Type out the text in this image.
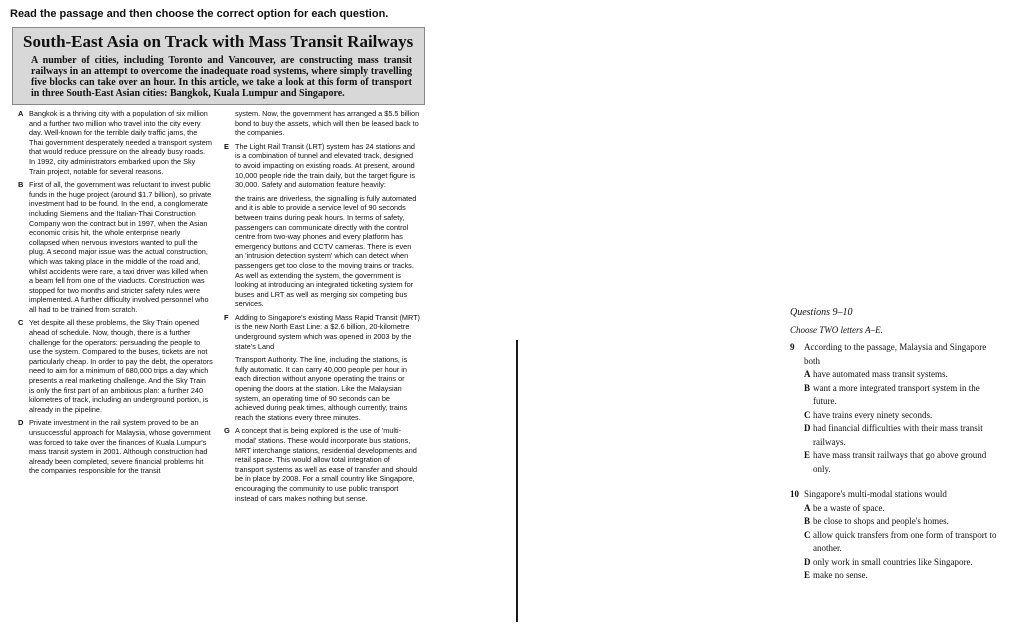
Read the passage and then choose the correct option for each question.
South-East Asia on Track with Mass Transit Railways
A number of cities, including Toronto and Vancouver, are constructing mass transit railways in an attempt to overcome the inadequate road systems, where simply travelling five blocks can take over an hour. In this article, we take a look at this form of transport in three South-East Asian cities: Bangkok, Kuala Lumpur and Singapore.
A Bangkok is a thriving city with a population of six million and a further two million who travel into the city every day. Well-known for the terrible daily traffic jams, the Thai government desperately needed a transport system that would reduce pressure on the already busy roads. In 1992, city administrators embarked upon the Sky Train project, notable for several reasons.
B First of all, the government was reluctant to invest public funds in the huge project (around $1.7 billion), so private investment had to be found. In the end, a conglomerate including Siemens and the Italian-Thai Construction Company won the contract but in 1997, when the Asian economic crisis hit, the whole enterprise nearly collapsed when nervous investors wanted to pull the plug. A second major issue was the actual construction, which was taking place in the middle of the road and, whilst accidents were rare, a taxi driver was killed when a beam fell from one of the viaducts. Construction was stopped for two months and stricter safety rules were implemented. A further difficulty involved personnel who all had to be trained from scratch.
C Yet despite all these problems, the Sky Train opened ahead of schedule. Now, though, there is a further challenge for the operators: persuading the people to use the system. Compared to the buses, tickets are not particularly cheap. In order to pay the debt, the operators need to aim for a minimum of 680,000 trips a day which presents a real marketing challenge. And the Sky Train is only the first part of an ambitious plan: a further 240 kilometres of track, including an underground portion, is already in the pipeline.
D Private investment in the rail system proved to be an unsuccessful approach for Malaysia, whose government was forced to take over the finances of Kuala Lumpur's mass transit system in 2001. Although construction had already been completed, severe financial problems hit the companies responsible for the transit
system. Now, the government has arranged a $5.5 billion bond to buy the assets, which will then be leased back to the companies.
E The Light Rail Transit (LRT) system has 24 stations and is a combination of tunnel and elevated track, designed to avoid impacting on existing roads. At present, around 10,000 people ride the train daily, but the target figure is 30,000. Safety and automation feature heavily:
the trains are driverless, the signalling is fully automated and it is able to provide a service level of 90 seconds between trains during peak hours. In terms of safety, passengers can communicate directly with the control centre from two-way phones and every platform has emergency buttons and CCTV cameras. There is even an 'intrusion detection system' which can detect when passengers get too close to the moving trains or tracks. As well as extending the system, the government is looking at introducing an integrated ticketing system for buses and LRT as well as merging six competing bus services.
F Adding to Singapore's existing Mass Rapid Transit (MRT) is the new North East Line: a $2.6 billion, 20-kilometre underground system which was opened in 2003 by the state's Land
Transport Authority. The line, including the stations, is fully automatic. It can carry 40,000 people per hour in each direction without anyone operating the trains or opening the doors at the station. Like the Malaysian system, an operating time of 90 seconds can be achieved during peak times, although currently, trains reach the stations every three minutes.
G A concept that is being explored is the use of 'multi-modal' stations. These would incorporate bus stations, MRT interchange stations, residential developments and retail space. This would allow total integration of transport systems as well as ease of transfer and should be in place by 2008. For a small country like Singapore, encouraging the community to use public transport instead of cars makes nothing but sense.
Questions 9–10
Choose TWO letters A–E.
9	According to the passage, Malaysia and Singapore both
A have automated mass transit systems.
B want a more integrated transport system in the future.
C have trains every ninety seconds.
D had financial difficulties with their mass transit railways.
E have mass transit railways that go above ground only.
10 Singapore's multi-modal stations would
A be a waste of space.
B be close to shops and people's homes.
C allow quick transfers from one form of transport to another.
D only work in small countries like Singapore.
E make no sense.
